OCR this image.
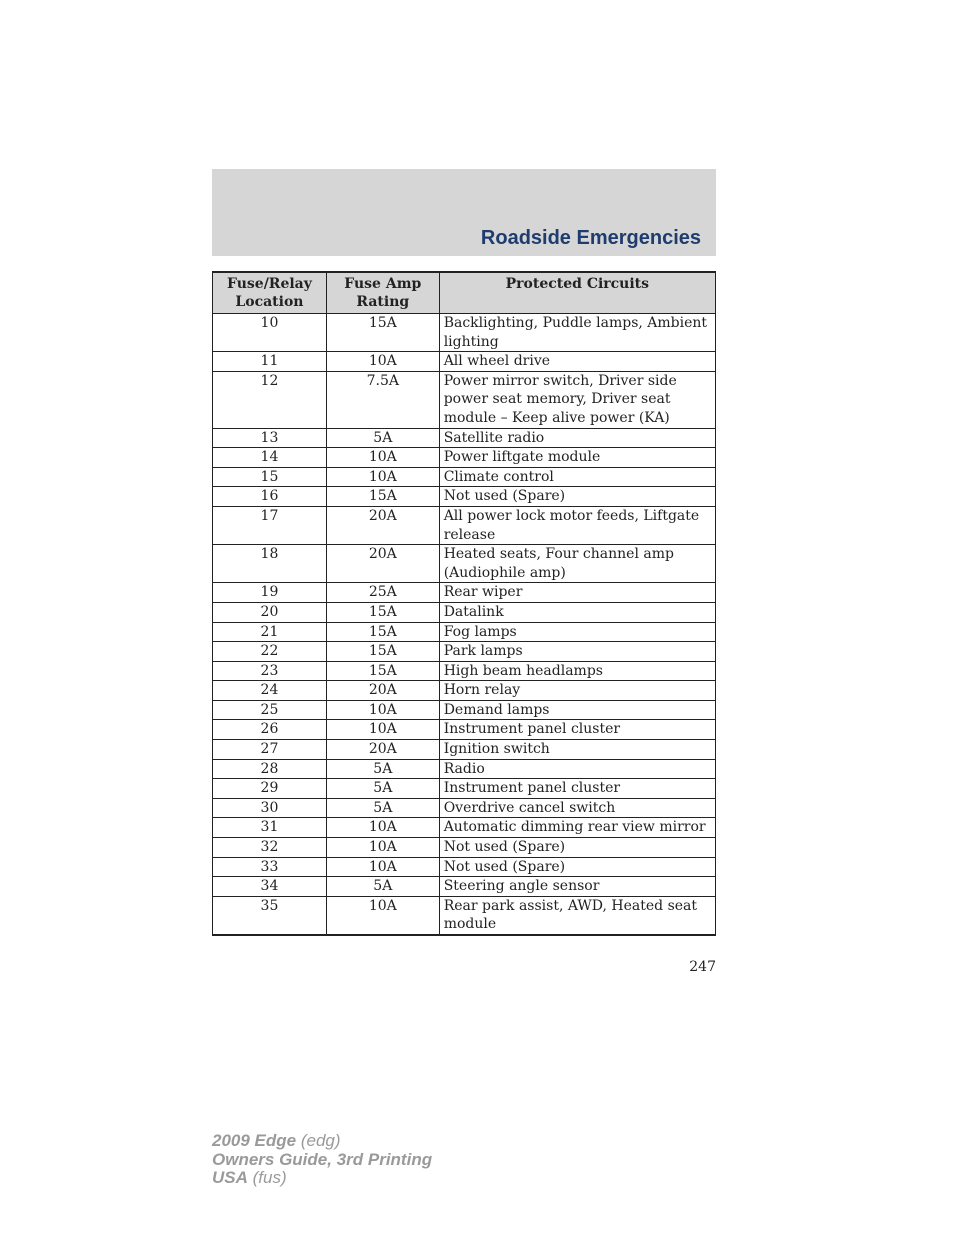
Roadside Emergencies
Fuse/Relay Location	Fuse Amp Rating	Protected Circuits
10	15A	Backlighting, Puddle lamps, Ambient lighting
11	10A	All wheel drive
12	7.5A	Power mirror switch, Driver side power seat memory, Driver seat module – Keep alive power (KA)
13	5A	Satellite radio
14	10A	Power liftgate module
15	10A	Climate control
16	15A	Not used (Spare)
17	20A	All power lock motor feeds, Liftgate release
18	20A	Heated seats, Four channel amp (Audiophile amp)
19	25A	Rear wiper
20	15A	Datalink
21	15A	Fog lamps
22	15A	Park lamps
23	15A	High beam headlamps
24	20A	Horn relay
25	10A	Demand lamps
26	10A	Instrument panel cluster
27	20A	Ignition switch
28	5A	Radio
29	5A	Instrument panel cluster
30	5A	Overdrive cancel switch
31	10A	Automatic dimming rear view mirror
32	10A	Not used (Spare)
33	10A	Not used (Spare)
34	5A	Steering angle sensor
35	10A	Rear park assist, AWD, Heated seat module
247
2009 Edge (edg)
Owners Guide, 3rd Printing
USA (fus)
